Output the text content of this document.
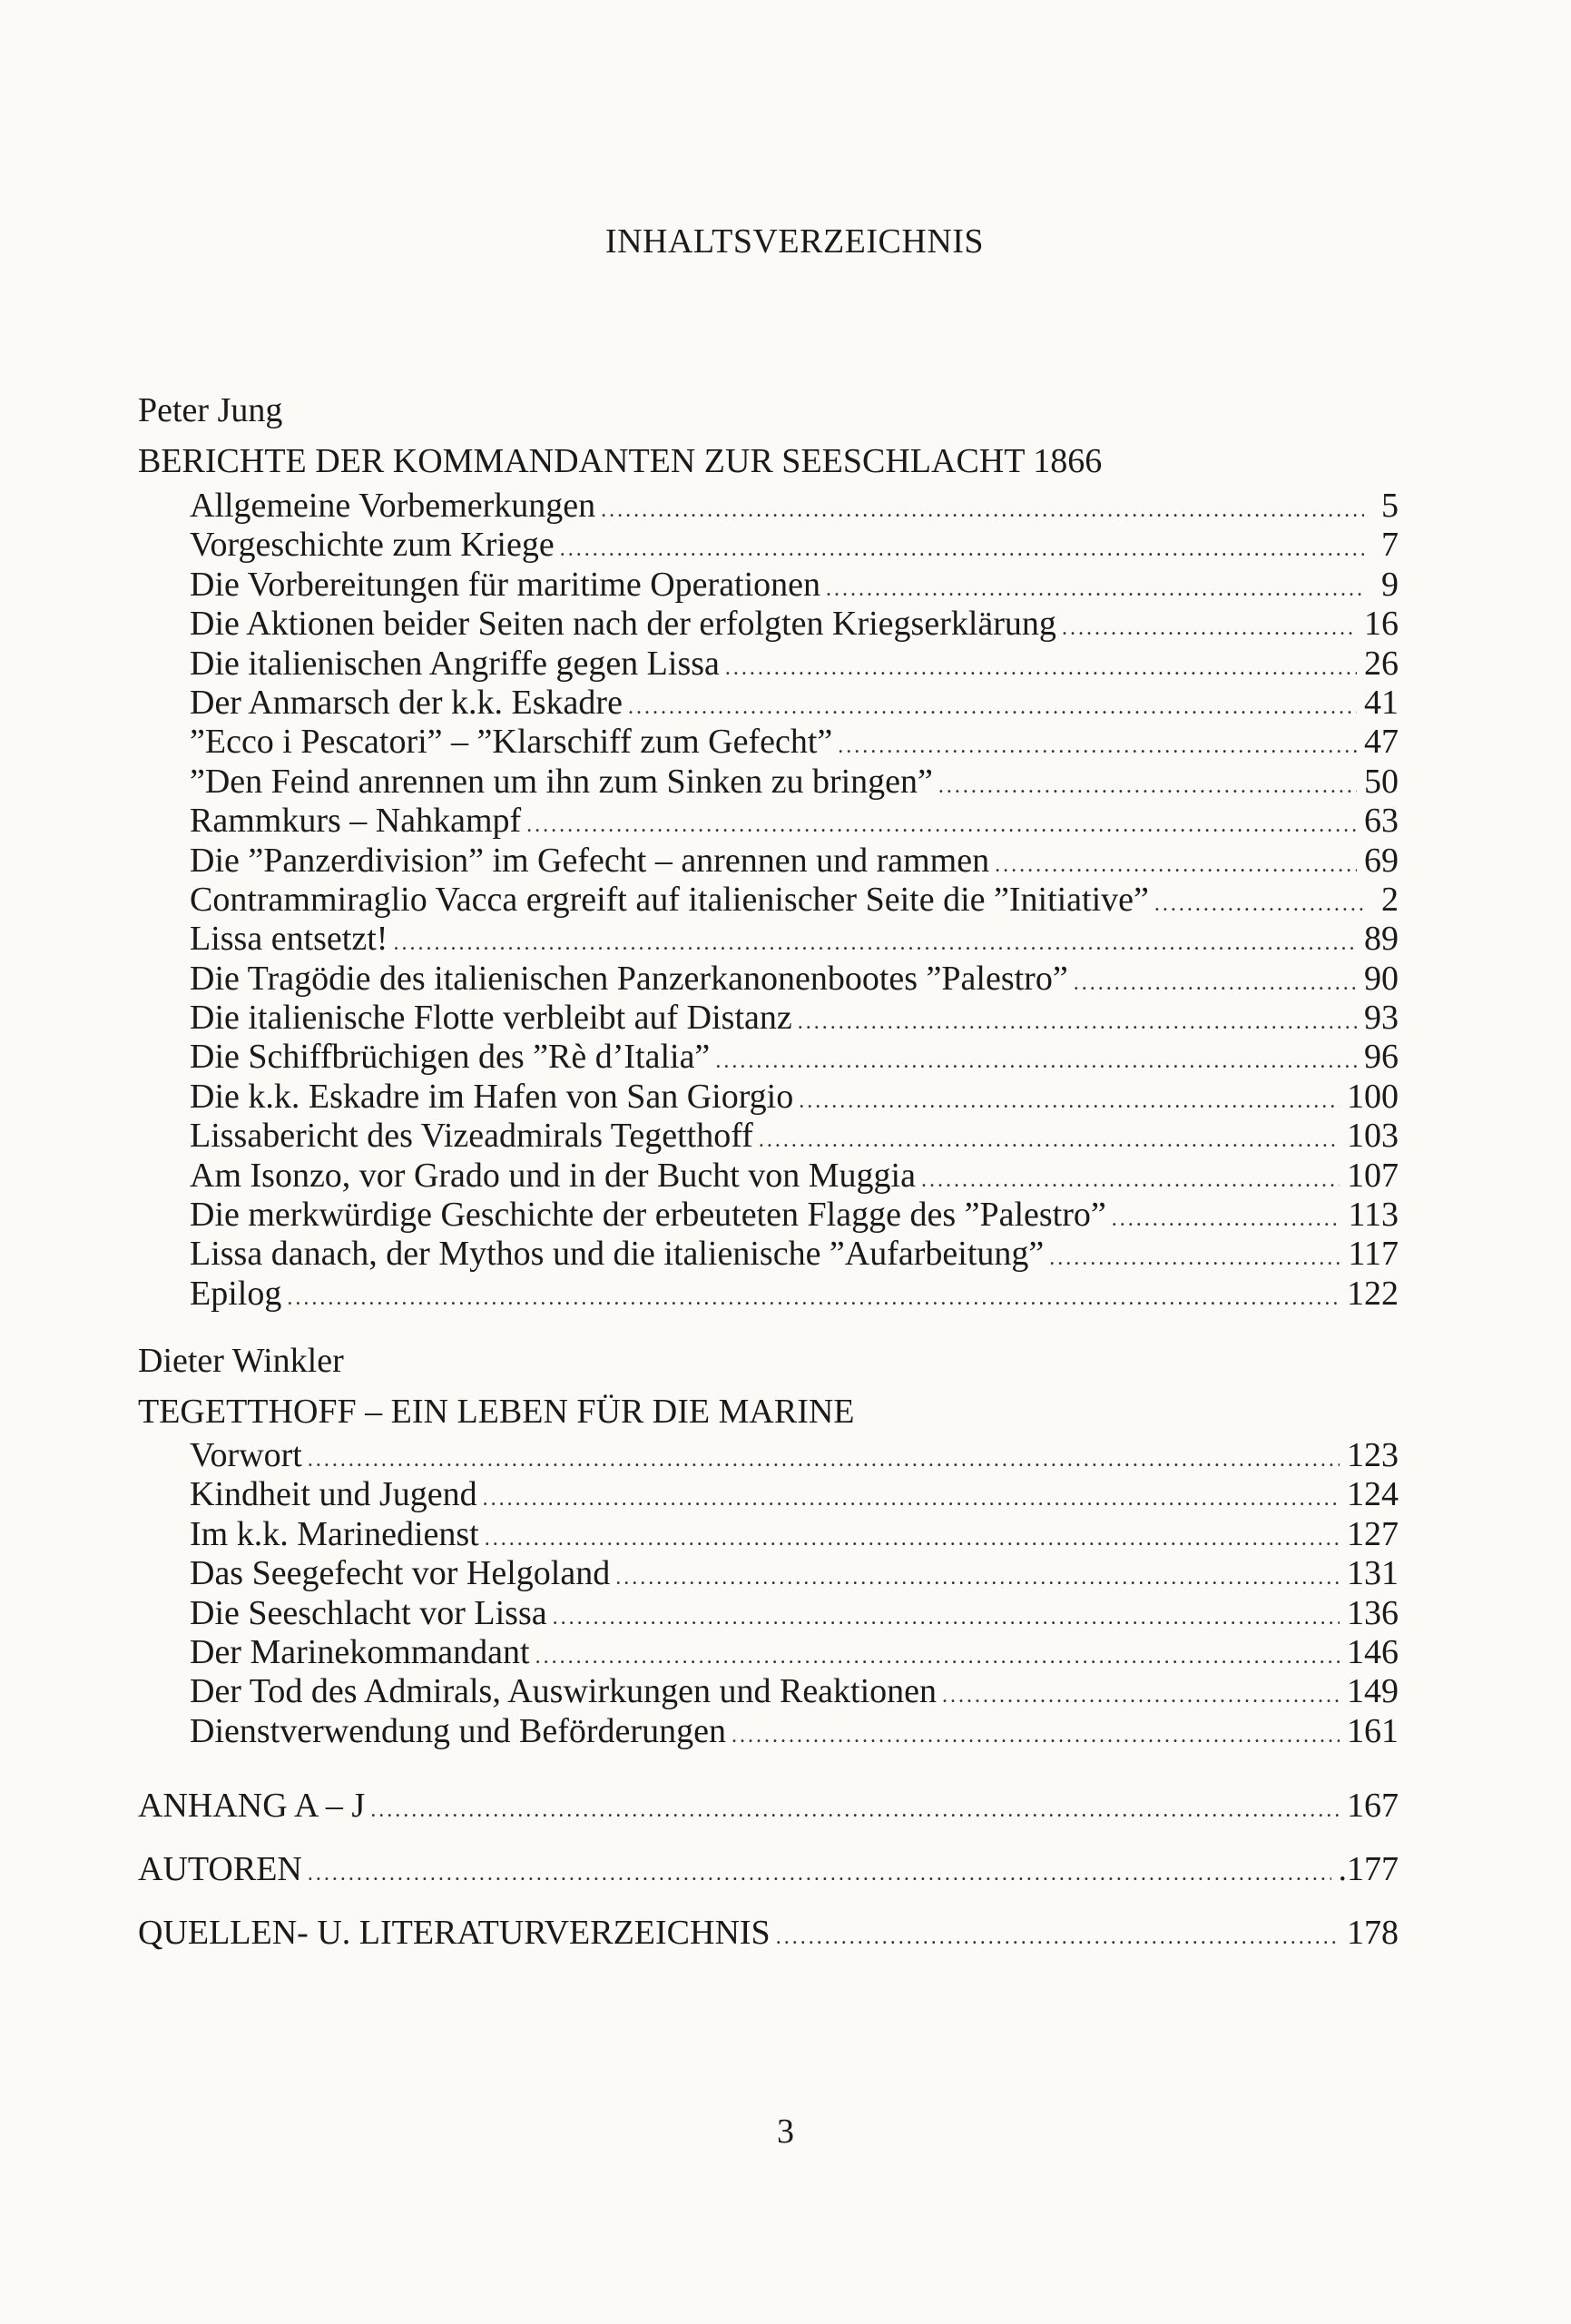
INHALTSVERZEICHNIS
Peter Jung
BERICHTE DER KOMMANDANTEN ZUR SEESCHLACHT 1866
Allgemeine Vorbemerkungen .....	5
Vorgeschichte zum Kriege .....	7
Die Vorbereitungen für maritime Operationen .....	9
Die Aktionen beider Seiten nach der erfolgten Kriegserklärung .....	16
Die italienischen Angriffe gegen Lissa .....	26
Der Anmarsch der k.k. Eskadre .....	41
”Ecco i Pescatori” – ”Klarschiff zum Gefecht” .....	47
”Den Feind anrennen um ihn zum Sinken zu bringen” .....	50
Rammkurs – Nahkampf .....	63
Die ”Panzerdivision” im Gefecht – anrennen und rammen .....	69
Contrammiraglio Vacca ergreift auf italienischer Seite die ”Initiative” .....	2
Lissa entsetzt! .....	89
Die Tragödie des italienischen Panzerkanonenbootes ”Palestro” .....	90
Die italienische Flotte verbleibt auf Distanz .....	93
Die Schiffbrüchigen des ”Rè d’Italia” .....	96
Die k.k. Eskadre im Hafen von San Giorgio .....	100
Lissabericht des Vizeadmirals Tegetthoff .....	103
Am Isonzo, vor Grado und in der Bucht von Muggia .....	107
Die merkwürdige Geschichte der erbeuteten Flagge des ”Palestro” .....	113
Lissa danach, der Mythos und die italienische ”Aufarbeitung” .....	117
Epilog .....	122
Dieter Winkler
TEGETTHOFF – EIN LEBEN FÜR DIE MARINE
Vorwort .....	123
Kindheit und Jugend .....	124
Im k.k. Marinedienst .....	127
Das Seegefecht vor Helgoland .....	131
Die Seeschlacht vor Lissa .....	136
Der Marinekommandant .....	146
Der Tod des Admirals, Auswirkungen und Reaktionen .....	149
Dienstverwendung und Beförderungen .....	161
ANHANG A – J .....	167
AUTOREN .....	.177
QUELLEN- U. LITERATURVERZEICHNIS .....	178
3
